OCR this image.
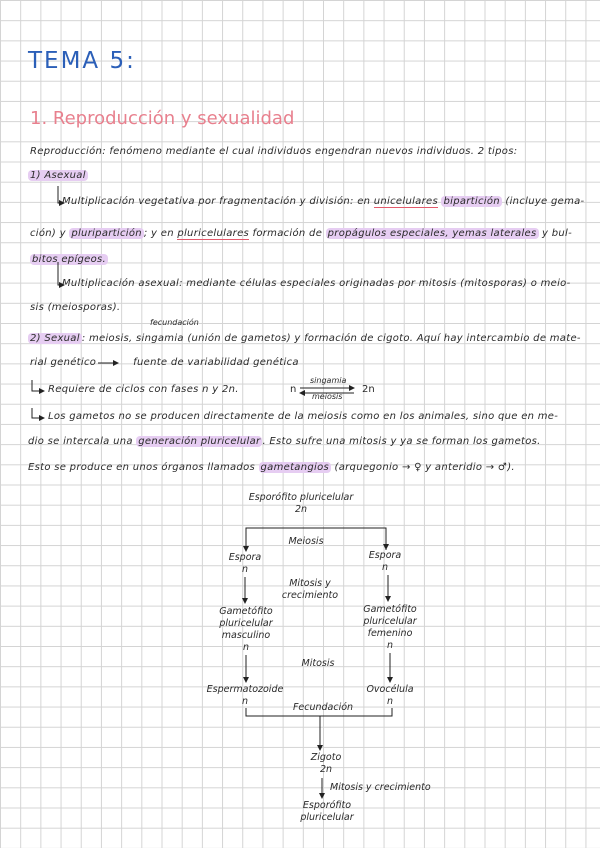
TEMA 5:
1. Reproducción y sexualidad
Reproducción: fenómeno mediante el cual individuos engendran nuevos individuos. 2 tipos:
1) Asexual
Multiplicación vegetativa por fragmentación y división: en unicelulares bipartición (incluye gema-
ción) y pluripartición ; y en pluricelulares formación de propágulos especiales, yemas laterales y bul-
bitos epígeos.
Multiplicación asexual: mediante células especiales originadas por mitosis (mitosporas) o meio-
sis (meiosporas).
fecundación
2) Sexual : meiosis, singamia (unión de gametos) y formación de cigoto. Aquí hay intercambio de mate-
rial genético	fuente de variabilidad genética
Requiere de ciclos con fases n y 2n.	n
singamia
meiosis
2n
Los gametos no se producen directamente de la meiosis como en los animales, sino que en me-
dio se intercala una generación pluricelular . Esto sufre una mitosis y ya se forman los gametos.
Esto se produce en unos órganos llamados gametangios (arquegonio → ♀ y anteridio → ♂).
Esporófito pluricelular
2n
Meiosis
Espora
n
Espora
n
Mitosis y
crecimiento
Gametófito
pluricelular
masculino
n
Gametófito
pluricelular
femenino
n
Mitosis
Espermatozoide
n
Ovocélula
n
Fecundación
Zigoto
2n
Mitosis y crecimiento
Esporófito
pluricelular
